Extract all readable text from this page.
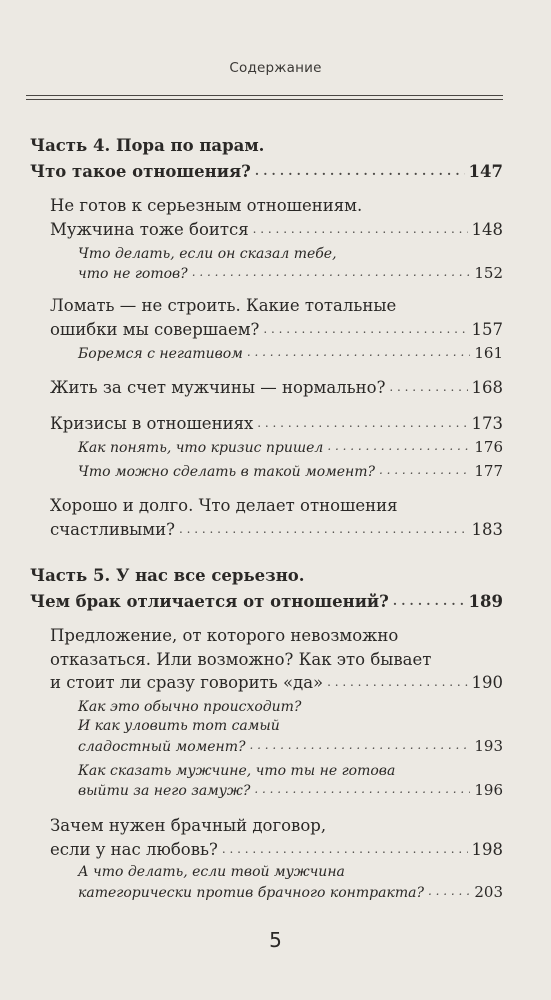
Содержание
Часть 4. Пора по парам.
Что такое отношения? . . .	147
Не готов к серьезным отношениям.
Мужчина тоже боится . . .	148
Что делать, если он сказал тебе,
что не готов? . . .	152
Ломать — не строить. Какие тотальные
ошибки мы совершаем? . . .	157
Боремся с негативом . . .	161
Жить за счет мужчины — нормально? . . .	168
Кризисы в отношениях . . .	173
Как понять, что кризис пришел . . .	176
Что можно сделать в такой момент? . . .	177
Хорошо и долго. Что делает отношения
счастливыми? . . .	183
Часть 5. У нас все серьезно.
Чем брак отличается от отношений? . . .	189
Предложение, от которого невозможно
отказаться. Или возможно? Как это бывает
и стоит ли сразу говорить «да» . . .	190
Как это обычно происходит?
И как уловить тот самый
сладостный момент? . . .	193
Как сказать мужчине, что ты не готова
выйти за него замуж? . . .	196
Зачем нужен брачный договор,
если у нас любовь? . . .	198
А что делать, если твой мужчина
категорически против брачного контракта? . . .	203
5
